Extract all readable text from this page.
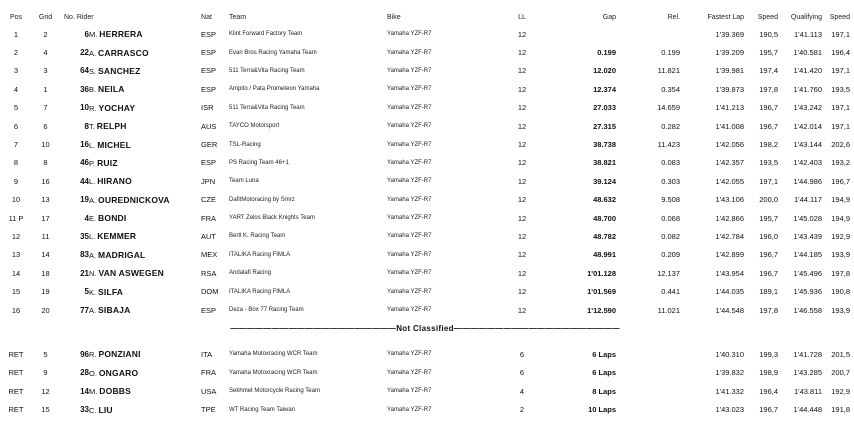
Pos	Grid	No. Rider		Nat	Team	Bike	LL	Gap	Rel.	Fastest Lap	Speed	Qualifying	Speed
1	2	6	M. HERRERA	ESP	Klint Forward Factory Team	Yamaha YZF-R7	12			1'39.369	190,5	1'41.113	197,1
2	4	22	A. CARRASCO	ESP	Evan Bros Racing Yamaha Team	Yamaha YZF-R7	12	0.199	0.199	1'39.209	195,7	1'40.581	196,4
3	3	64	S. SANCHEZ	ESP	511 Terra&Vita Racing Team	Yamaha YZF-R7	12	12.020	11.821	1'39.981	197,4	1'41.420	197,1
4	1	36	B. NEILA	ESP	Ampito / Pata Prometeon Yamaha	Yamaha YZF-R7	12	12.374	0.354	1'39.873	197,8	1'41.760	193,5
5	7	10	R. YOCHAY	ISR	511 Terra&Vita Racing Team	Yamaha YZF-R7	12	27.033	14.659	1'41.213	196,7	1'43.242	197,1
6	6	8	T. RELPH	AUS	TAYCO Motorsport	Yamaha YZF-R7	12	27.315	0.282	1'41.008	196,7	1'42.014	197,1
7	10	16	L. MICHEL	GER	TSL-Racing	Yamaha YZF-R7	12	38.738	11.423	1'42.056	198,2	1'43.144	202,6
8	8	46	P. RUIZ	ESP	PS Racing Team 46+1	Yamaha YZF-R7	12	38.821	0.083	1'42.357	193,5	1'42.403	193,2
9	16	44	L. HIRANO	JPN	Team Luna	Yamaha YZF-R7	12	39.124	0.303	1'42.055	197,1	1'44.986	196,7
10	13	19	A. OUREDNICKOVA	CZE	DafitMotoracing by Smrz	Yamaha YZF-R7	12	48.632	9.508	1'43.106	200,0	1'44.117	194,9
11 P	17	4	E. BONDI	FRA	YART Zelos Black Knights Team	Yamaha YZF-R7	12	48.700	0.068	1'42.866	195,7	1'45.028	194,9
12	11	35	L. KEMMER	AUT	Bertl K. Racing Team	Yamaha YZF-R7	12	48.782	0.082	1'42.784	196,0	1'43.439	192,9
13	14	83	A. MADRIGAL	MEX	ITALIKA Racing FIMLA	Yamaha YZF-R7	12	48.991	0.209	1'42.899	196,7	1'44.185	193,9
14	18	21	N. VAN ASWEGEN	RSA	Andalafi Racing	Yamaha YZF-R7	12	1'01.128	12.137	1'43.954	196,7	1'45.496	197,8
15	19	5	K. SILFA	DOM	ITALIKA Racing FIMLA	Yamaha YZF-R7	12	1'01.569	0.441	1'44.035	189,1	1'45.936	190,8
16	20	77	A. SIBAJA	ESP	Deza - Box 77 Racing Team	Yamaha YZF-R7	12	1'12.590	11.021	1'44.548	197,8	1'46.558	193,9
————————————————————Not Classified————————————————————													

RET	5	96	R. PONZIANI	ITA	Yamaha Motoxracing WCR Team	Yamaha YZF-R7	6	6 Laps		1'40.310	199,3	1'41.728	201,5
RET	9	28	O. ONGARO	FRA	Yamaha Motoxracing WCR Team	Yamaha YZF-R7	6	6 Laps		1'39.832	198,9	1'43.285	200,7
RET	12	14	M. DOBBS	USA	Sekhmet Motorcycle Racing Team	Yamaha YZF-R7	4	8 Laps		1'41.332	196,4	1'43.811	192,9
RET	15	33	C. LIU	TPE	WT Racing Team Taiwan	Yamaha YZF-R7	2	10 Laps		1'43.023	196,7	1'44.448	191,8
